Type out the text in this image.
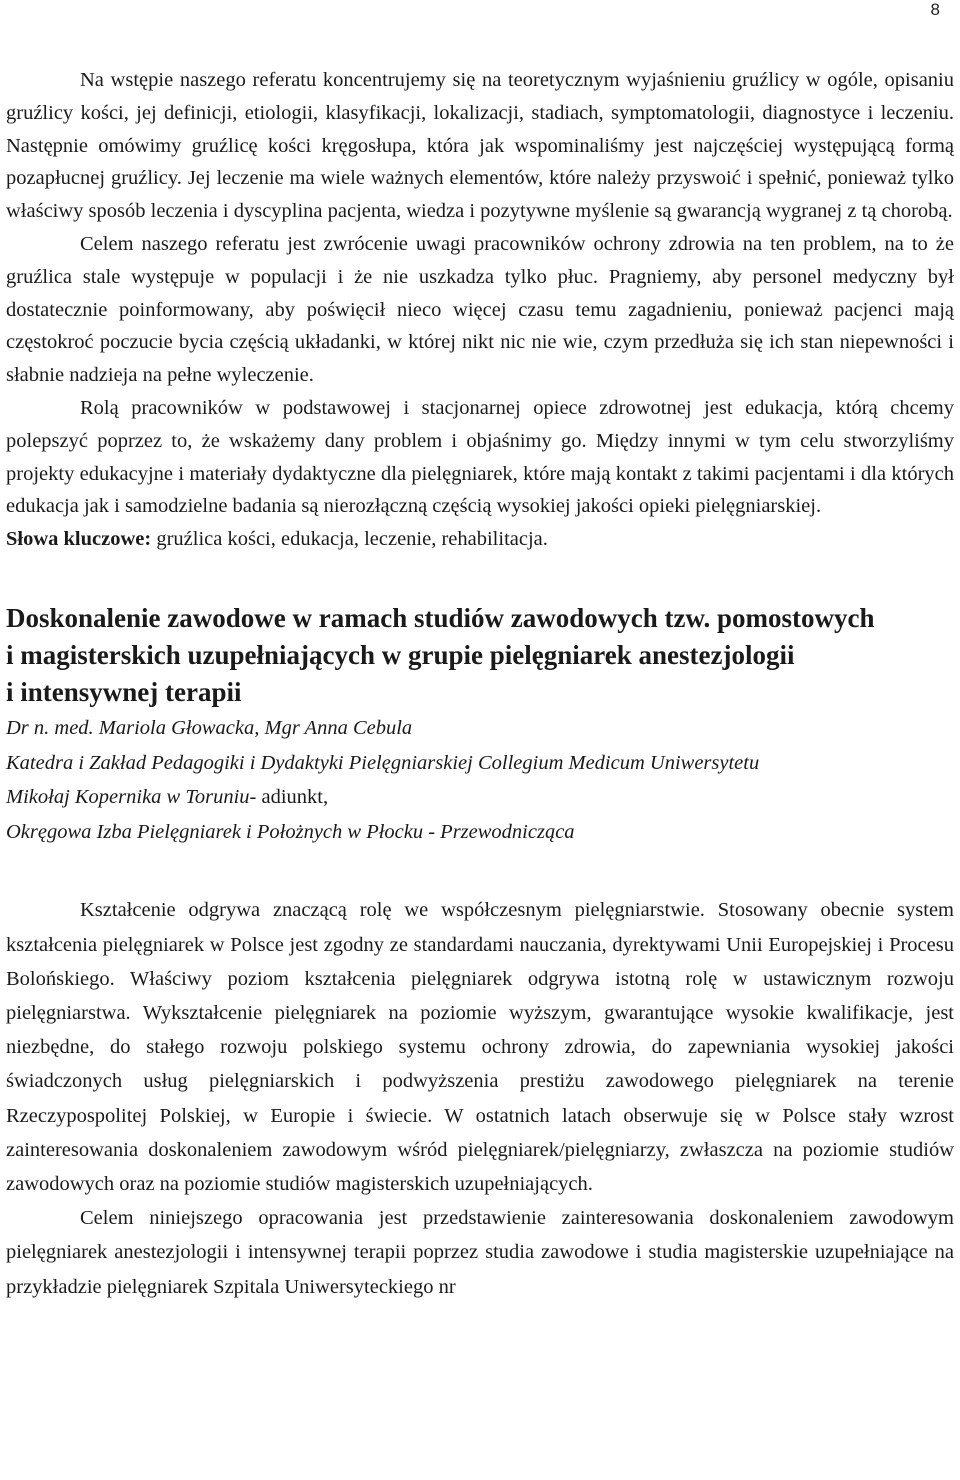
8

Na wstępie naszego referatu koncentrujemy się na teoretycznym wyjaśnieniu gruźlicy w ogóle, opisaniu gruźlicy kości, jej definicji, etiologii, klasyfikacji, lokalizacji, stadiach, symptomatologii, diagnostyce i leczeniu. Następnie omówimy gruźlicę kości kręgosłupa, która jak wspominaliśmy jest najczęściej występującą formą pozapłucnej gruźlicy. Jej leczenie ma wiele ważnych elementów, które należy przyswoić i spełnić, ponieważ tylko właściwy sposób leczenia i dyscyplina pacjenta, wiedza i pozytywne myślenie są gwarancją wygranej z tą chorobą.

Celem naszego referatu jest zwrócenie uwagi pracowników ochrony zdrowia na ten problem, na to że gruźlica stale występuje w populacji i że nie uszkadza tylko płuc. Pragniemy, aby personel medyczny był dostatecznie poinformowany, aby poświęcił nieco więcej czasu temu zagadnieniu, ponieważ pacjenci mają częstokroć poczucie bycia częścią układanki, w której nikt nic nie wie, czym przedłuża się ich stan niepewności i słabnie nadzieja na pełne wyleczenie.

Rolą pracowników w podstawowej i stacjonarnej opiece zdrowotnej jest edukacja, którą chcemy polepszyć poprzez to, że wskażemy dany problem i objaśnimy go. Między innymi w tym celu stworzyliśmy projekty edukacyjne i materiały dydaktyczne dla pielęgniarek, które mają kontakt z takimi pacjentami i dla których edukacja jak i samodzielne badania są nierozłączną częścią wysokiej jakości opieki pielęgniarskiej.

Słowa kluczowe: gruźlica kości, edukacja, leczenie, rehabilitacja.

Doskonalenie zawodowe w ramach studiów zawodowych tzw. pomostowych
i magisterskich uzupełniających w grupie pielęgniarek anestezjologii
i intensywnej terapii

Dr n. med. Mariola Głowacka, Mgr Anna Cebula

Katedra i Zakład Pedagogiki i Dydaktyki Pielęgniarskiej Collegium Medicum Uniwersytetu

Mikołaj Kopernika w Toruniu- adiunkt,

Okręgowa Izba Pielęgniarek i Położnych w Płocku - Przewodnicząca

Kształcenie odgrywa znaczącą rolę we współczesnym pielęgniarstwie. Stosowany obecnie system kształcenia pielęgniarek w Polsce jest zgodny ze standardami nauczania, dyrektywami Unii Europejskiej i Procesu Bolońskiego. Właściwy poziom kształcenia pielęgniarek odgrywa istotną rolę w ustawicznym rozwoju pielęgniarstwa. Wykształcenie pielęgniarek na poziomie wyższym, gwarantujące wysokie kwalifikacje, jest niezbędne, do stałego rozwoju polskiego systemu ochrony zdrowia, do zapewniania wysokiej jakości świadczonych usług pielęgniarskich i podwyższenia prestiżu zawodowego pielęgniarek na terenie Rzeczypospolitej Polskiej, w Europie i świecie. W ostatnich latach obserwuje się w Polsce stały wzrost zainteresowania doskonaleniem zawodowym wśród pielęgniarek/pielęgniarzy, zwłaszcza na poziomie studiów zawodowych oraz na poziomie studiów magisterskich uzupełniających.

Celem niniejszego opracowania jest przedstawienie zainteresowania doskonaleniem zawodowym pielęgniarek anestezjologii i intensywnej terapii poprzez studia zawodowe i studia magisterskie uzupełniające na przykładzie pielęgniarek Szpitala Uniwersyteckiego nr
